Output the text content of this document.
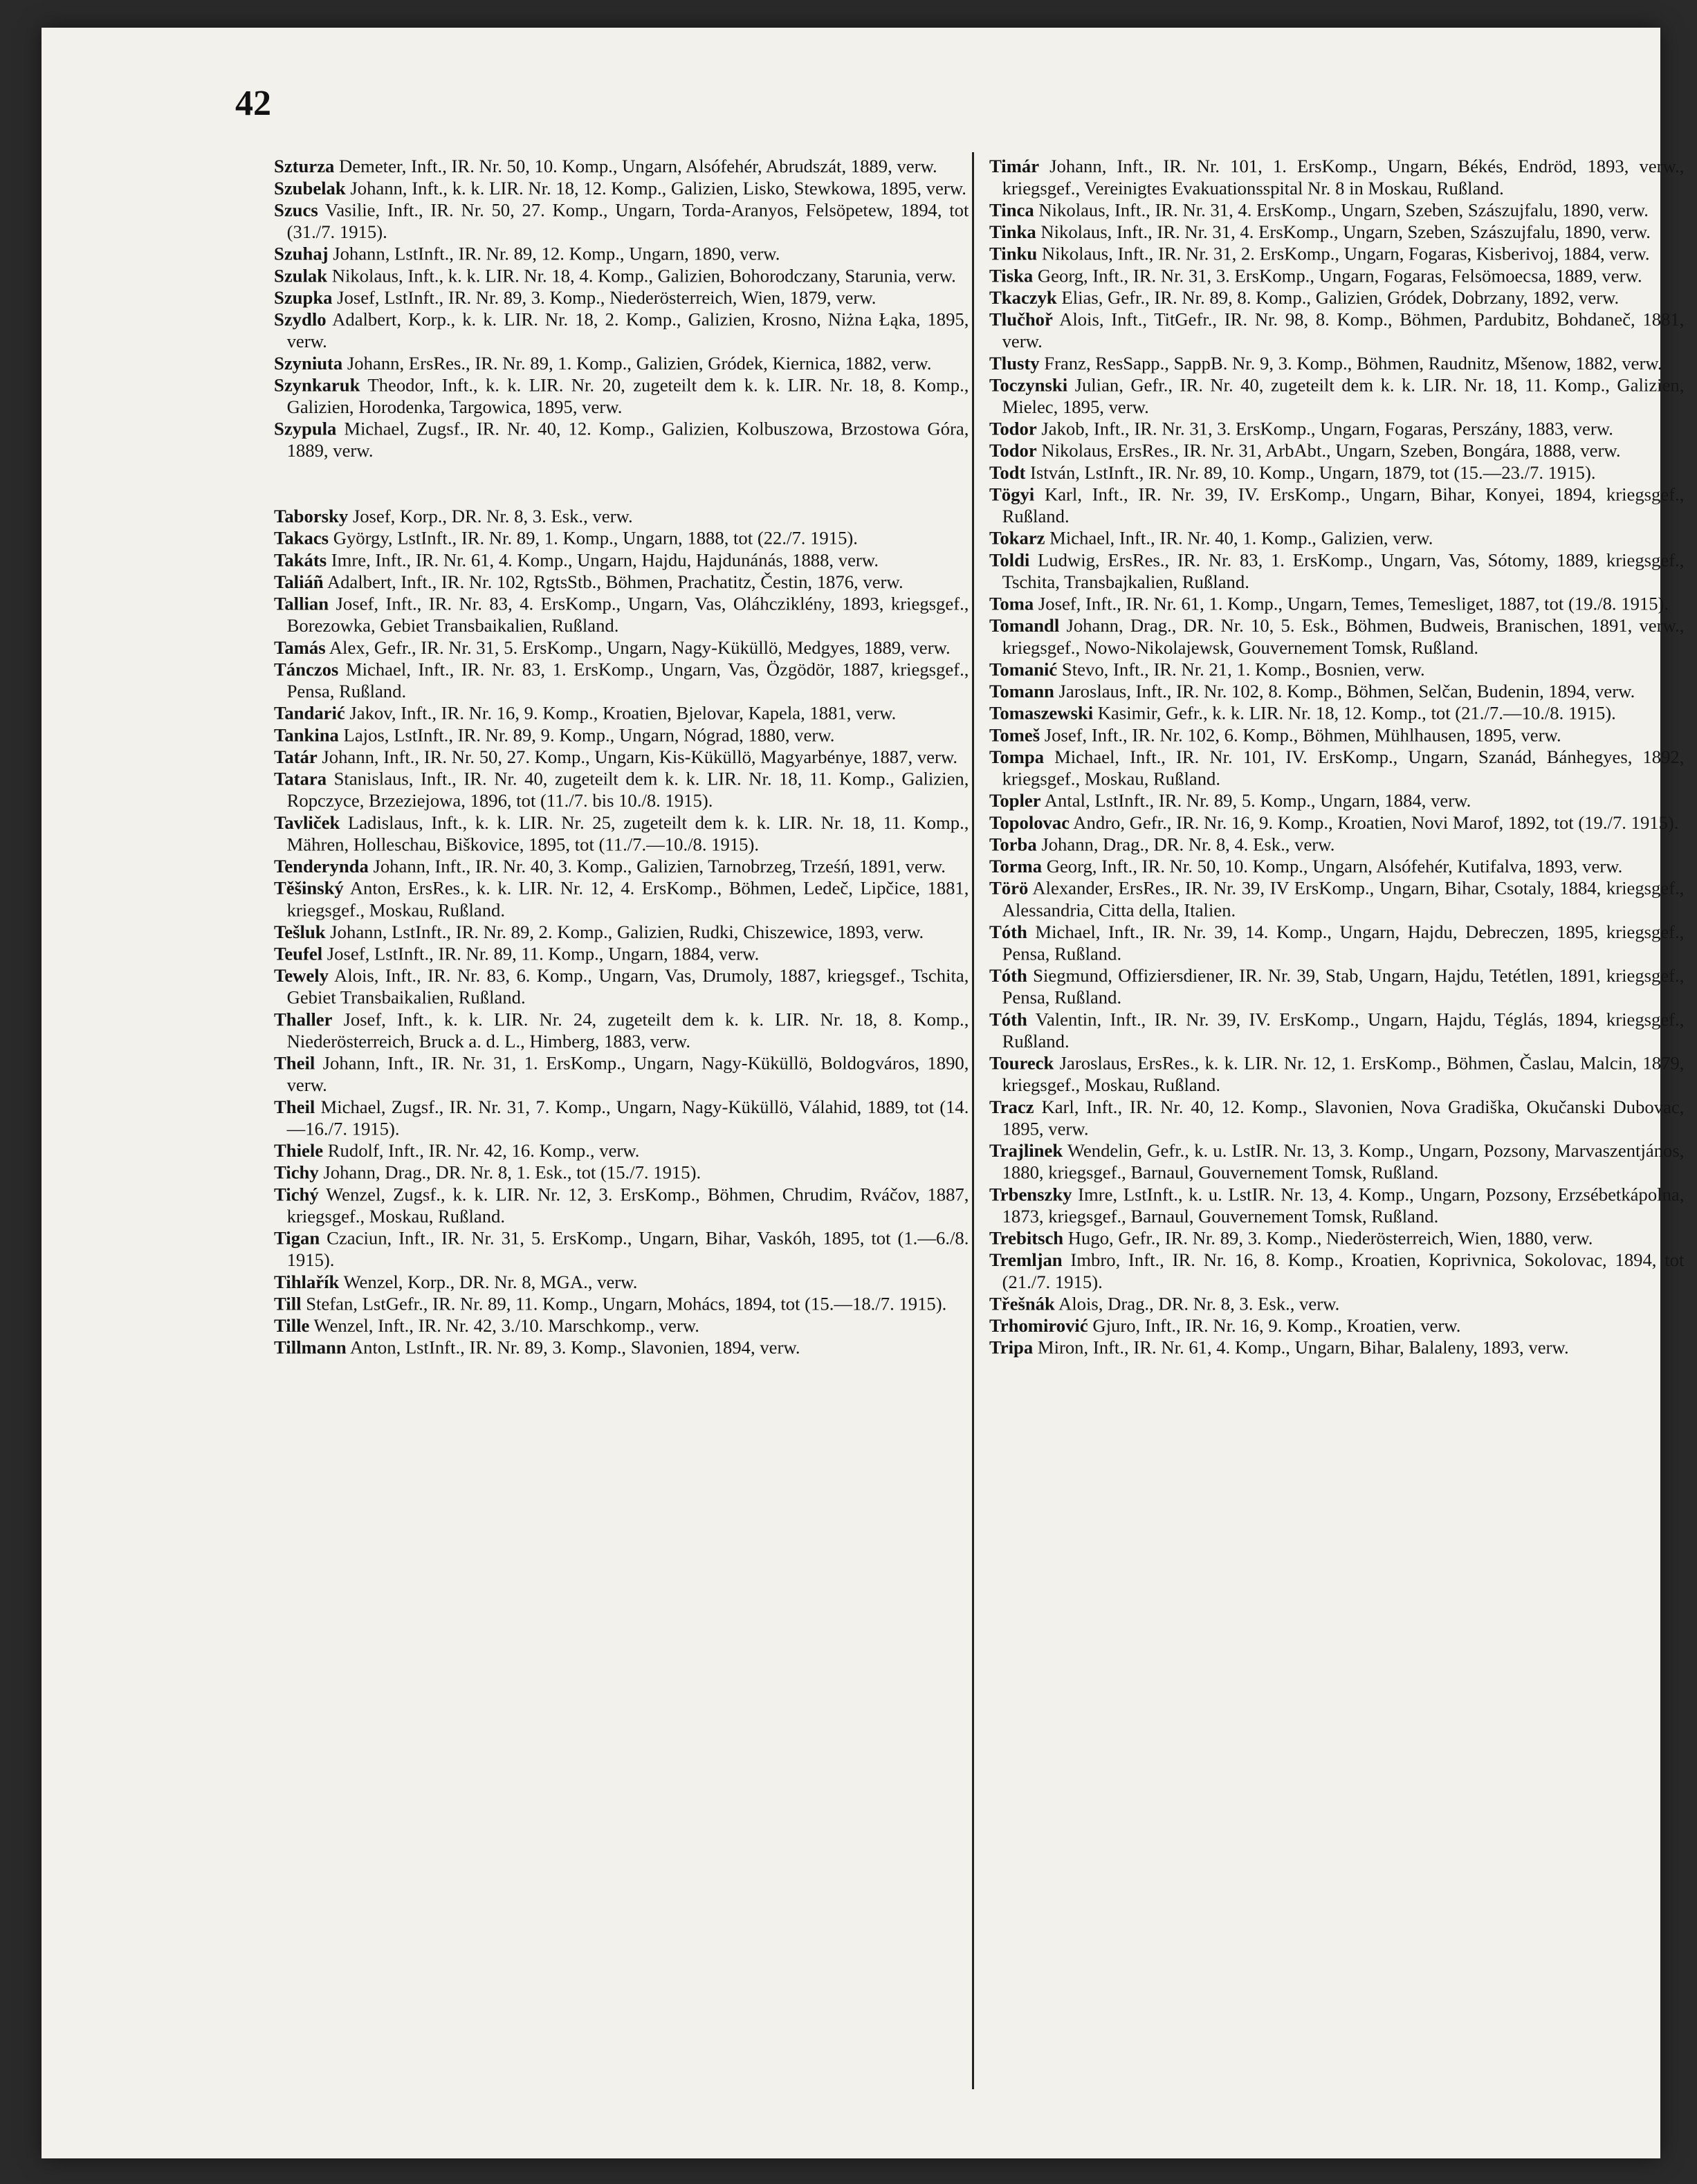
42
Szturza Demeter, Inft., IR. Nr. 50, 10. Komp., Ungarn, Alsófehér, Abrudszát, 1889, verw.
Szubelak Johann, Inft., k. k. LIR. Nr. 18, 12. Komp., Galizien, Lisko, Stewkowa, 1895, verw.
Szucs Vasilie, Inft., IR. Nr. 50, 27. Komp., Ungarn, Torda-Aranyos, Felsöpetew, 1894, tot (31./7. 1915).
Szuhaj Johann, LstInft., IR. Nr. 89, 12. Komp., Ungarn, 1890, verw.
Szulak Nikolaus, Inft., k. k. LIR. Nr. 18, 4. Komp., Galizien, Bohorodczany, Starunia, verw.
Szupka Josef, LstInft., IR. Nr. 89, 3. Komp., Niederösterreich, Wien, 1879, verw.
Szydlo Adalbert, Korp., k. k. LIR. Nr. 18, 2. Komp., Galizien, Krosno, Niżna Łąka, 1895, verw.
Szyniuta Johann, ErsRes., IR. Nr. 89, 1. Komp., Galizien, Gródek, Kiernica, 1882, verw.
Szynkaruk Theodor, Inft., k. k. LIR. Nr. 20, zugeteilt dem k. k. LIR. Nr. 18, 8. Komp., Galizien, Horodenka, Targowica, 1895, verw.
Szypula Michael, Zugsf., IR. Nr. 40, 12. Komp., Galizien, Kolbuszowa, Brzostowa Góra, 1889, verw.
Taborsky Josef, Korp., DR. Nr. 8, 3. Esk., verw.
Takacs György, LstInft., IR. Nr. 89, 1. Komp., Ungarn, 1888, tot (22./7. 1915).
Takáts Imre, Inft., IR. Nr. 61, 4. Komp., Ungarn, Hajdu, Hajdunánás, 1888, verw.
Taliáñ Adalbert, Inft., IR. Nr. 102, RgtsStb., Böhmen, Prachatitz, Čestin, 1876, verw.
Tallian Josef, Inft., IR. Nr. 83, 4. ErsKomp., Ungarn, Vas, Oláhcziklény, 1893, kriegsgef., Borezowka, Gebiet Transbaikalien, Rußland.
Tamás Alex, Gefr., IR. Nr. 31, 5. ErsKomp., Ungarn, Nagy-Küküllö, Medgyes, 1889, verw.
Tánczos Michael, Inft., IR. Nr. 83, 1. ErsKomp., Ungarn, Vas, Özgödör, 1887, kriegsgef., Pensa, Rußland.
Tandarić Jakov, Inft., IR. Nr. 16, 9. Komp., Kroatien, Bjelovar, Kapela, 1881, verw.
Tankina Lajos, LstInft., IR. Nr. 89, 9. Komp., Ungarn, Nógrad, 1880, verw.
Tatár Johann, Inft., IR. Nr. 50, 27. Komp., Ungarn, Kis-Küküllö, Magyarbénye, 1887, verw.
Tatara Stanislaus, Inft., IR. Nr. 40, zugeteilt dem k. k. LIR. Nr. 18, 11. Komp., Galizien, Ropczyce, Brzeziejowa, 1896, tot (11./7. bis 10./8. 1915).
Tavliček Ladislaus, Inft., k. k. LIR. Nr. 25, zugeteilt dem k. k. LIR. Nr. 18, 11. Komp., Mähren, Holleschau, Biškovice, 1895, tot (11./7.—10./8. 1915).
Tenderynda Johann, Inft., IR. Nr. 40, 3. Komp., Galizien, Tarnobrzeg, Trześń, 1891, verw.
Těšinský Anton, ErsRes., k. k. LIR. Nr. 12, 4. ErsKomp., Böhmen, Ledeč, Lipčice, 1881, kriegsgef., Moskau, Rußland.
Tešluk Johann, LstInft., IR. Nr. 89, 2. Komp., Galizien, Rudki, Chiszewice, 1893, verw.
Teufel Josef, LstInft., IR. Nr. 89, 11. Komp., Ungarn, 1884, verw.
Tewely Alois, Inft., IR. Nr. 83, 6. Komp., Ungarn, Vas, Drumoly, 1887, kriegsgef., Tschita, Gebiet Transbaikalien, Rußland.
Thaller Josef, Inft., k. k. LIR. Nr. 24, zugeteilt dem k. k. LIR. Nr. 18, 8. Komp., Niederösterreich, Bruck a. d. L., Himberg, 1883, verw.
Theil Johann, Inft., IR. Nr. 31, 1. ErsKomp., Ungarn, Nagy-Küküllö, Boldogváros, 1890, verw.
Theil Michael, Zugsf., IR. Nr. 31, 7. Komp., Ungarn, Nagy-Küküllö, Válahid, 1889, tot (14.—16./7. 1915).
Thiele Rudolf, Inft., IR. Nr. 42, 16. Komp., verw.
Tichy Johann, Drag., DR. Nr. 8, 1. Esk., tot (15./7. 1915).
Tichý Wenzel, Zugsf., k. k. LIR. Nr. 12, 3. ErsKomp., Böhmen, Chrudim, Rváčov, 1887, kriegsgef., Moskau, Rußland.
Tigan Czaciun, Inft., IR. Nr. 31, 5. ErsKomp., Ungarn, Bihar, Vaskóh, 1895, tot (1.—6./8. 1915).
Tihlařík Wenzel, Korp., DR. Nr. 8, MGA., verw.
Till Stefan, LstGefr., IR. Nr. 89, 11. Komp., Ungarn, Mohács, 1894, tot (15.—18./7. 1915).
Tille Wenzel, Inft., IR. Nr. 42, 3./10. Marschkomp., verw.
Tillmann Anton, LstInft., IR. Nr. 89, 3. Komp., Slavonien, 1894, verw.
Timár Johann, Inft., IR. Nr. 101, 1. ErsKomp., Ungarn, Békés, Endröd, 1893, verw., kriegsgef., Vereinigtes Evakuationsspital Nr. 8 in Moskau, Rußland.
Tinca Nikolaus, Inft., IR. Nr. 31, 4. ErsKomp., Ungarn, Szeben, Szászujfalu, 1890, verw.
Tinka Nikolaus, Inft., IR. Nr. 31, 4. ErsKomp., Ungarn, Szeben, Szászujfalu, 1890, verw.
Tinku Nikolaus, Inft., IR. Nr. 31, 2. ErsKomp., Ungarn, Fogaras, Kisberivoj, 1884, verw.
Tiska Georg, Inft., IR. Nr. 31, 3. ErsKomp., Ungarn, Fogaras, Felsömoecsa, 1889, verw.
Tkaczyk Elias, Gefr., IR. Nr. 89, 8. Komp., Galizien, Gródek, Dobrzany, 1892, verw.
Tlučhoř Alois, Inft., TitGefr., IR. Nr. 98, 8. Komp., Böhmen, Pardubitz, Bohdaneč, 1881, verw.
Tlusty Franz, ResSapp., SappB. Nr. 9, 3. Komp., Böhmen, Raudnitz, Mšenow, 1882, verw.
Toczynski Julian, Gefr., IR. Nr. 40, zugeteilt dem k. k. LIR. Nr. 18, 11. Komp., Galizien, Mielec, 1895, verw.
Todor Jakob, Inft., IR. Nr. 31, 3. ErsKomp., Ungarn, Fogaras, Perszány, 1883, verw.
Todor Nikolaus, ErsRes., IR. Nr. 31, ArbAbt., Ungarn, Szeben, Bongára, 1888, verw.
Todt István, LstInft., IR. Nr. 89, 10. Komp., Ungarn, 1879, tot (15.—23./7. 1915).
Tögyi Karl, Inft., IR. Nr. 39, IV. ErsKomp., Ungarn, Bihar, Konyei, 1894, kriegsgef., Rußland.
Tokarz Michael, Inft., IR. Nr. 40, 1. Komp., Galizien, verw.
Toldi Ludwig, ErsRes., IR. Nr. 83, 1. ErsKomp., Ungarn, Vas, Sótomy, 1889, kriegsgef., Tschita, Transbajkalien, Rußland.
Toma Josef, Inft., IR. Nr. 61, 1. Komp., Ungarn, Temes, Temesliget, 1887, tot (19./8. 1915).
Tomandl Johann, Drag., DR. Nr. 10, 5. Esk., Böhmen, Budweis, Branischen, 1891, verw., kriegsgef., Nowo-Nikolajewsk, Gouvernement Tomsk, Rußland.
Tomanić Stevo, Inft., IR. Nr. 21, 1. Komp., Bosnien, verw.
Tomann Jaroslaus, Inft., IR. Nr. 102, 8. Komp., Böhmen, Selčan, Budenin, 1894, verw.
Tomaszewski Kasimir, Gefr., k. k. LIR. Nr. 18, 12. Komp., tot (21./7.—10./8. 1915).
Tomeš Josef, Inft., IR. Nr. 102, 6. Komp., Böhmen, Mühlhausen, 1895, verw.
Tompa Michael, Inft., IR. Nr. 101, IV. ErsKomp., Ungarn, Szanád, Bánhegyes, 1892, kriegsgef., Moskau, Rußland.
Topler Antal, LstInft., IR. Nr. 89, 5. Komp., Ungarn, 1884, verw.
Topolovac Andro, Gefr., IR. Nr. 16, 9. Komp., Kroatien, Novi Marof, 1892, tot (19./7. 1915).
Torba Johann, Drag., DR. Nr. 8, 4. Esk., verw.
Torma Georg, Inft., IR. Nr. 50, 10. Komp., Ungarn, Alsófehér, Kutifalva, 1893, verw.
Törö Alexander, ErsRes., IR. Nr. 39, IV ErsKomp., Ungarn, Bihar, Csotaly, 1884, kriegsgef., Alessandria, Citta della, Italien.
Tóth Michael, Inft., IR. Nr. 39, 14. Komp., Ungarn, Hajdu, Debreczen, 1895, kriegsgef., Pensa, Rußland.
Tóth Siegmund, Offiziersdiener, IR. Nr. 39, Stab, Ungarn, Hajdu, Tetétlen, 1891, kriegsgef., Pensa, Rußland.
Tóth Valentin, Inft., IR. Nr. 39, IV. ErsKomp., Ungarn, Hajdu, Téglás, 1894, kriegsgef., Rußland.
Toureck Jaroslaus, ErsRes., k. k. LIR. Nr. 12, 1. ErsKomp., Böhmen, Časlau, Malcin, 1879, kriegsgef., Moskau, Rußland.
Tracz Karl, Inft., IR. Nr. 40, 12. Komp., Slavonien, Nova Gradiška, Okučanski Dubovac, 1895, verw.
Trajlinek Wendelin, Gefr., k. u. LstIR. Nr. 13, 3. Komp., Ungarn, Pozsony, Marvaszentjános, 1880, kriegsgef., Barnaul, Gouvernement Tomsk, Rußland.
Trbenszky Imre, LstInft., k. u. LstIR. Nr. 13, 4. Komp., Ungarn, Pozsony, Erzsébetkápolna, 1873, kriegsgef., Barnaul, Gouvernement Tomsk, Rußland.
Trebitsch Hugo, Gefr., IR. Nr. 89, 3. Komp., Niederösterreich, Wien, 1880, verw.
Tremljan Imbro, Inft., IR. Nr. 16, 8. Komp., Kroatien, Koprivnica, Sokolovac, 1894, tot (21./7. 1915).
Třešnák Alois, Drag., DR. Nr. 8, 3. Esk., verw.
Trhomirović Gjuro, Inft., IR. Nr. 16, 9. Komp., Kroatien, verw.
Tripa Miron, Inft., IR. Nr. 61, 4. Komp., Ungarn, Bihar, Balaleny, 1893, verw.
